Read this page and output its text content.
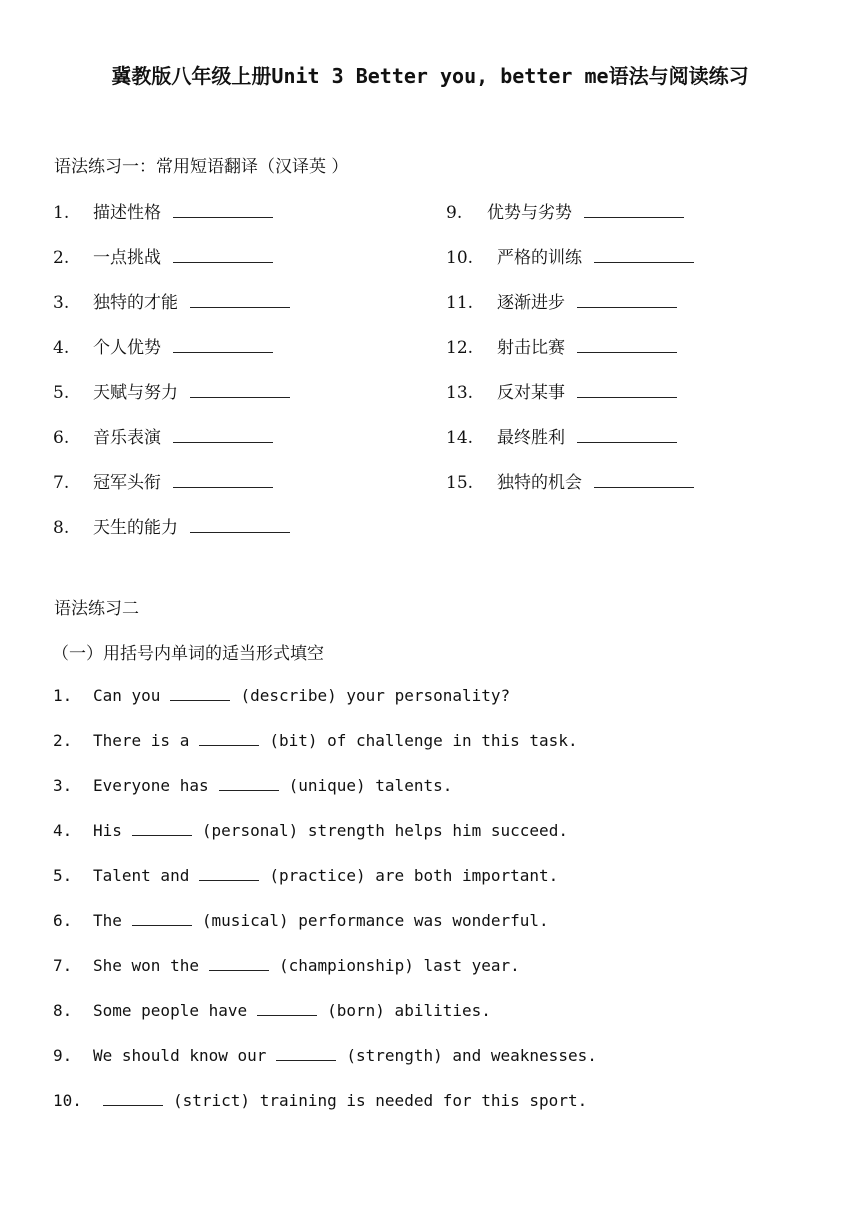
冀教版八年级上册Unit 3 Better you, better me语法与阅读练习
语法练习一：常用短语翻译（汉译英 ）
1. 描述性格
2. 一点挑战
3. 独特的才能
4. 个人优势
5. 天赋与努力
6. 音乐表演
7. 冠军头衔
8. 天生的能力
9. 优势与劣势
10. 严格的训练
11. 逐渐进步
12. 射击比赛
13. 反对某事
14. 最终胜利
15. 独特的机会
语法练习二
（一）用括号内单词的适当形式填空
1. Can you	(describe) your personality?
2. There is a	(bit) of challenge in this task.
3. Everyone has	(unique) talents.
4. His	(personal) strength helps him succeed.
5. Talent and	(practice) are both important.
6. The	(musical) performance was wonderful.
7. She won the	(championship) last year.
8. Some people have	(born) abilities.
9. We should know our	(strength) and weaknesses.
10.	(strict) training is needed for this sport.
